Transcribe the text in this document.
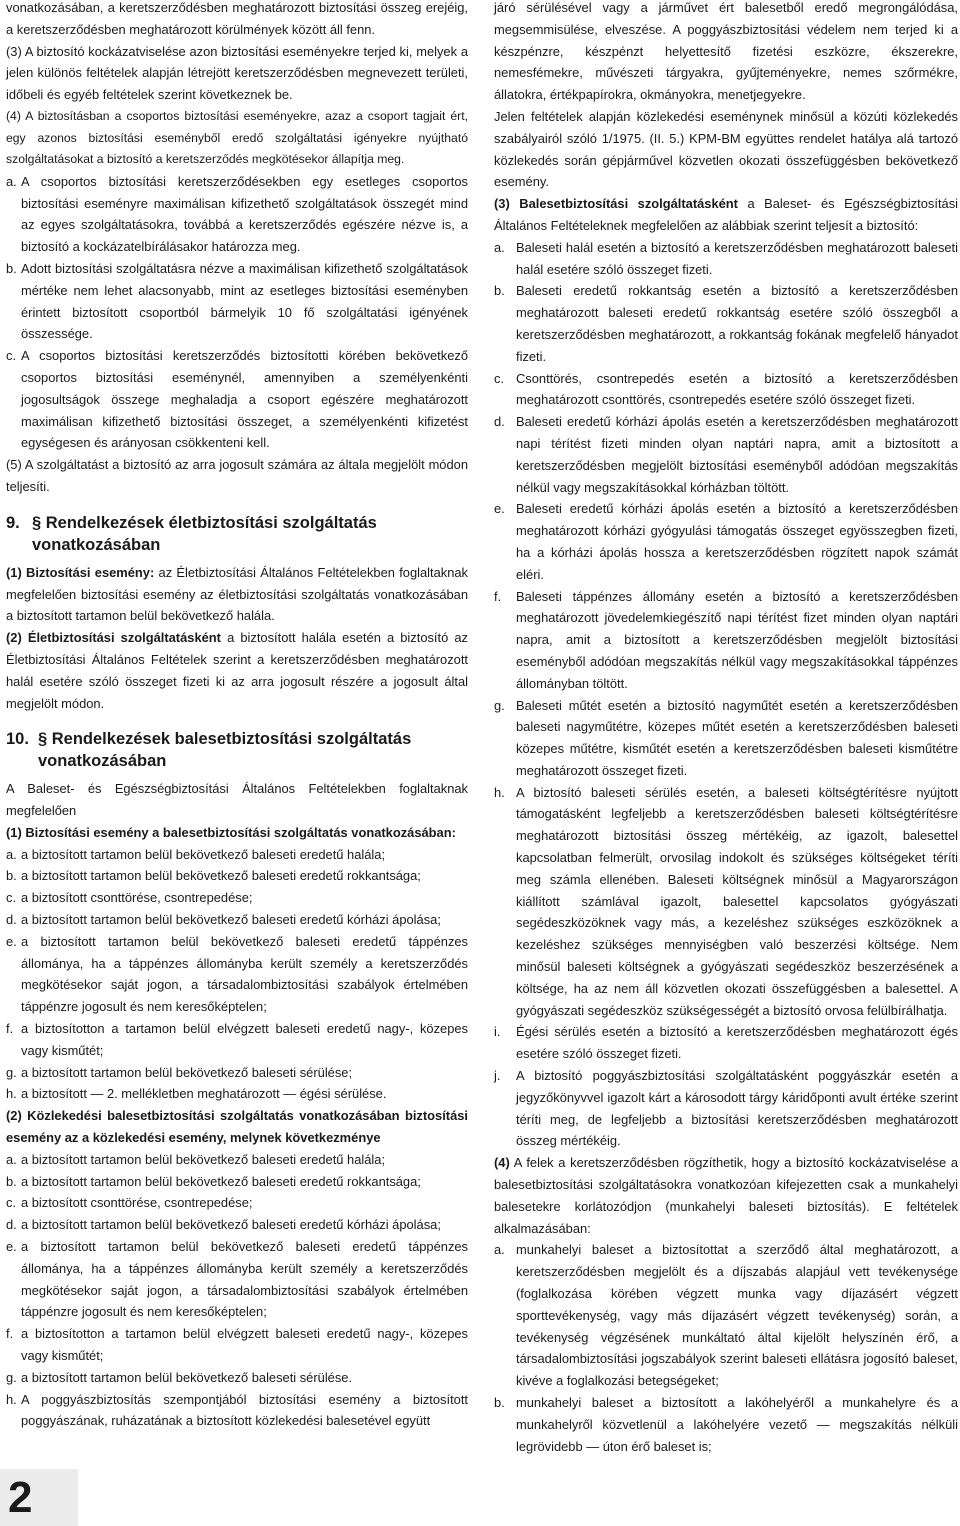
vonatkozásában, a keretszerződésben meghatározott biztosítási összeg erejéig, a keretszerződésben meghatározott körülmények között áll fenn.

(3) A biztosító kockázatviselése azon biztosítási eseményekre terjed ki, melyek a jelen különös feltételek alapján létrejött keretszerződésben megnevezett területi, időbeli és egyéb feltételek szerint következnek be.

(4) A biztosításban a csoportos biztosítási eseményekre, azaz a csoport tagjait ért, egy azonos biztosítási eseményből eredő szolgáltatási igényekre nyújtható szolgáltatásokat a biztosító a keretszerződés megkötésekor állapítja meg.

a. A csoportos biztosítási keretszerződésekben egy esetleges csoportos biztosítási eseményre maximálisan kifizethető szolgáltatások összegét mind az egyes szolgáltatásokra, továbbá a keretszerződés egészére nézve is, a biztosító a kockázatelbírálásakor határozza meg.
b. Adott biztosítási szolgáltatásra nézve a maximálisan kifizethető szolgáltatások mértéke nem lehet alacsonyabb, mint az esetleges biztosítási eseményben érintett biztosított csoportból bármelyik 10 fő szolgáltatási igényének összessége.
c. A csoportos biztosítási keretszerződés biztosítotti körében bekövetkező csoportos biztosítási eseménynél, amennyiben a személyenkénti jogosultságok összege meghaladja a csoport egészére meghatározott maximálisan kifizethető biztosítási összeget, a személyenkénti kifizetést egységesen és arányosan csökkenteni kell.

(5) A szolgáltatást a biztosító az arra jogosult számára az általa megjelölt módon teljesíti.

9. § Rendelkezések életbiztosítási szolgáltatás vonatkozásában

(1) Biztosítási esemény: az Életbiztosítási Általános Feltételekben foglaltaknak megfelelően biztosítási esemény az életbiztosítási szolgáltatás vonatkozásában a biztosított tartamon belül bekövetkező halála.

(2) Életbiztosítási szolgáltatásként a biztosított halála esetén a biztosító az Életbiztosítási Általános Feltételek szerint a keretszerződésben meghatározott halál esetére szóló összeget fizeti ki az arra jogosult részére a jogosult által megjelölt módon.

10. § Rendelkezések balesetbiztosítási szolgáltatás vonatkozásában

A Baleset- és Egészségbiztosítási Általános Feltételekben foglaltaknak megfelelően

(1) Biztosítási esemény a balesetbiztosítási szolgáltatás vonatkozásában:

a. a biztosított tartamon belül bekövetkező baleseti eredetű halála;
b. a biztosított tartamon belül bekövetkező baleseti eredetű rokkantsága;
c. a biztosított csonttörése, csontrepedése;
d. a biztosított tartamon belül bekövetkező baleseti eredetű kórházi ápolása;
e. a biztosított tartamon belül bekövetkező baleseti eredetű táppénzes állománya, ha a táppénzes állományba került személy a keretszerződés megkötésekor saját jogon, a társadalombiztosítási szabályok értelmében táppénzre jogosult és nem keresőképtelen;
f. a biztosítotton a tartamon belül elvégzett baleseti eredetű nagy-, közepes vagy kisműtét;
g. a biztosított tartamon belül bekövetkező baleseti sérülése;
h. a biztosított — 2. mellékletben meghatározott — égési sérülése.

(2) Közlekedési balesetbiztosítási szolgáltatás vonatkozásában biztosítási esemény az a közlekedési esemény, melynek következménye

a. a biztosított tartamon belül bekövetkező baleseti eredetű halála;
b. a biztosított tartamon belül bekövetkező baleseti eredetű rokkantsága;
c. a biztosított csonttörése, csontrepedése;
d. a biztosított tartamon belül bekövetkező baleseti eredetű kórházi ápolása;
e. a biztosított tartamon belül bekövetkező baleseti eredetű táppénzes állománya, ha a táppénzes állományba került személy a keretszerződés megkötésekor saját jogon, a társadalombiztosítási szabályok értelmében táppénzre jogosult és nem keresőképtelen;
f. a biztosítotton a tartamon belül elvégzett baleseti eredetű nagy-, közepes vagy kisműtét;
g. a biztosított tartamon belül bekövetkező baleseti sérülése.
h. A poggyászbiztosítás szempontjából biztosítási esemény a biztosított poggyászának, ruházatának a biztosított közlekedési balesetével együtt

járó sérülésével vagy a járművet ért balesetből eredő megrongálódása, megsemmisülése, elveszése. A poggyászbiztosítási védelem nem terjed ki a készpénzre, készpénzt helyettesítő fizetési eszközre, ékszerekre, nemesfémekre, művészeti tárgyakra, gyűjteményekre, nemes szőrmékre, állatokra, értékpapírokra, okmányokra, menetjegyekre.

Jelen feltételek alapján közlekedési eseménynek minősül a közúti közlekedés szabályairól szóló 1/1975. (II. 5.) KPM-BM együttes rendelet hatálya alá tartozó közlekedés során gépjárművel közvetlen okozati összefüggésben bekövetkező esemény.

(3) Balesetbiztosítási szolgáltatásként a Baleset- és Egészségbiztosítási Általános Feltételeknek megfelelően az alábbiak szerint teljesít a biztosító:

a. Baleseti halál esetén a biztosító a keretszerződésben meghatározott baleseti halál esetére szóló összeget fizeti.
b. Baleseti eredetű rokkantság esetén a biztosító a keretszerződésben meghatározott baleseti eredetű rokkantság esetére szóló összegből a keretszerződésben meghatározott, a rokkantság fokának megfelelő hányadot fizeti.
c. Csonttörés, csontrepedés esetén a biztosító a keretszerződésben meghatározott csonttörés, csontrepedés esetére szóló összeget fizeti.
d. Baleseti eredetű kórházi ápolás esetén a keretszerződésben meghatározott napi térítést fizeti minden olyan naptári napra, amit a biztosított a keretszerződésben megjelölt biztosítási eseményből adódóan megszakítás nélkül vagy megszakításokkal kórházban töltött.
e. Baleseti eredetű kórházi ápolás esetén a biztosító a keretszerződésben meghatározott kórházi gyógyulási támogatás összeget egyösszegben fizeti, ha a kórházi ápolás hossza a keretszerződésben rögzített napok számát eléri.
f.	Baleseti táppénzes állomány esetén a biztosító a keretszerződésben meghatározott jövedelemkiegészítő napi térítést fizet minden olyan naptári napra, amit a biztosított a keretszerződésben megjelölt biztosítási eseményből adódóan megszakítás nélkül vagy megszakításokkal táppénzes állományban töltött.
g. Baleseti műtét esetén a biztosító nagyműtét esetén a keretszerződésben baleseti nagyműtétre, közepes műtét esetén a keretszerződésben baleseti közepes műtétre, kisműtét esetén a keretszerződésben baleseti kisműtétre meghatározott összeget fizeti.
h. A biztosító baleseti sérülés esetén, a baleseti költségtérítésre nyújtott támogatásként legfeljebb a keretszerződésben baleseti költségtérítésre meghatározott biztosítási összeg mértékéig, az igazolt, balesettel kapcsolatban felmerült, orvosilag indokolt és szükséges költségeket téríti meg számla ellenében. Baleseti költségnek minősül a Magyarországon kiállított számlával igazolt, balesettel kapcsolatos gyógyászati segédeszközöknek vagy más, a kezeléshez szükséges eszközöknek a kezeléshez szükséges mennyiségben való beszerzési költsége. Nem minősül baleseti költségnek a gyógyászati segédeszköz beszerzésének a költsége, ha az nem áll közvetlen okozati összefüggésben a balesettel. A gyógyászati segédeszköz szükségességét a biztosító orvosa felülbírálhatja.
i.	Égési sérülés esetén a biztosító a keretszerződésben meghatározott égés esetére szóló összeget fizeti.
j.	A biztosító poggyászbiztosítási szolgáltatásként poggyászkár esetén a jegyzőkönyvvel igazolt kárt a károsodott tárgy káridőponti avult értéke szerint téríti meg, de legfeljebb a biztosítási keretszerződésben meghatározott összeg mértékéig.

(4) A felek a keretszerződésben rögzíthetik, hogy a biztosító kockázatviselése a balesetbiztosítási szolgáltatásokra vonatkozóan kifejezetten csak a munkahelyi balesetekre korlátozódjon (munkahelyi baleseti biztosítás). E feltételek alkalmazásában:

a. munkahelyi baleset a biztosítottat a szerződő által meghatározott, a keretszerződésben megjelölt és a díjszabás alapjául vett tevékenysége (foglalkozása körében végzett munka vagy díjazásért végzett sporttevékenység, vagy más díjazásért végzett tevékenység) során, a tevékenység végzésének munkáltató által kijelölt helyszínén érő, a társadalombiztosítási jogszabályok szerint baleseti ellátásra jogosító baleset, kivéve a foglalkozási betegségeket;
b. munkahelyi baleset a biztosított a lakóhelyéről a munkahelyre és a munkahelyről közvetlenül a lakóhelyére vezető — megszakítás nélküli legrövidebb — úton érő baleset is;
2
